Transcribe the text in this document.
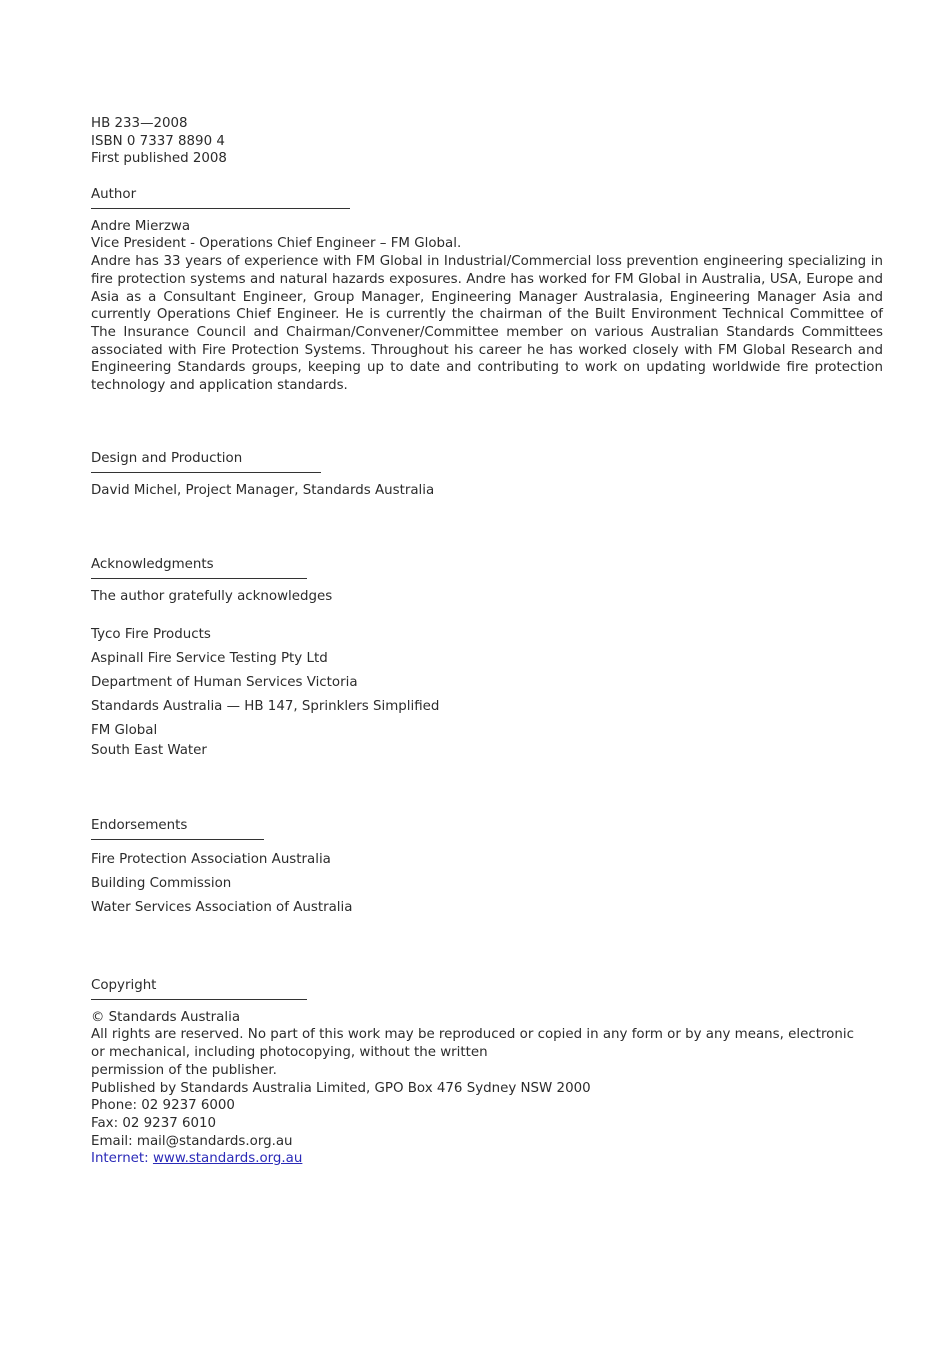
HB 233—2008
ISBN 0 7337 8890 4
First published 2008
Author
Andre Mierzwa
Vice President - Operations Chief Engineer – FM Global.
Andre has 33 years of experience with FM Global in Industrial/Commercial loss prevention engineering specializing in fire protection systems and natural hazards exposures. Andre has worked for FM Global in Australia, USA, Europe and Asia as a Consultant Engineer, Group Manager, Engineering Manager Australasia, Engineering Manager Asia and currently Operations Chief Engineer. He is currently the chairman of the Built Environment Technical Committee of The Insurance Council and Chairman/Convener/Committee member on various Australian Standards Committees associated with Fire Protection Systems. Throughout his career he has worked closely with FM Global Research and Engineering Standards groups, keeping up to date and contributing to work on updating worldwide fire protection technology and application standards.
Design and Production
David Michel, Project Manager, Standards Australia
Acknowledgments
The author gratefully acknowledges
Tyco Fire Products
Aspinall Fire Service Testing Pty Ltd
Department of Human Services Victoria
Standards Australia — HB 147, Sprinklers Simplified
FM Global
South East Water
Endorsements
Fire Protection Association Australia
Building Commission
Water Services Association of Australia
Copyright
© Standards Australia
All rights are reserved. No part of this work may be reproduced or copied in any form or by any means, electronic
or mechanical, including photocopying, without the written
permission of the publisher.
Published by Standards Australia Limited, GPO Box 476 Sydney NSW 2000
Phone: 02 9237 6000
Fax: 02 9237 6010
Email: mail@standards.org.au
Internet: www.standards.org.au
